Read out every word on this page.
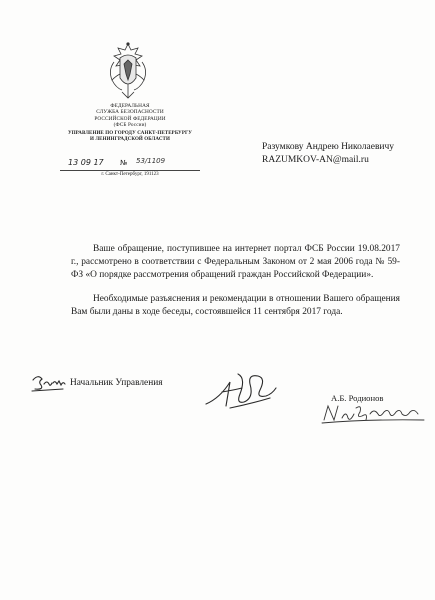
ФЕДЕРАЛЬНАЯ
СЛУЖБА БЕЗОПАСНОСТИ
РОССИЙСКОЙ ФЕДЕРАЦИИ
(ФСБ России)
УПРАВЛЕНИЕ ПО ГОРОДУ САНКТ-ПЕТЕРБУРГУ
И ЛЕНИНГРАДСКОЙ ОБЛАСТИ
13 09 17 № 53/1109
г. Санкт-Петербург, 191123
Разумкову Андрею Николаевичу
RAZUMKOV-AN@mail.ru

Ваше обращение, поступившее на интернет портал ФСБ России 19.08.2017 г., рассмотрено в соответствии с Федеральным Законом от 2 мая 2006 года № 59-ФЗ «О порядке рассмотрения обращений граждан Российской Федерации».

Необходимые разъяснения и рекомендации в отношении Вашего обращения Вам были даны в ходе беседы, состоявшейся 11 сентября 2017 года.

Начальник Управления
А.Б. Родионов
